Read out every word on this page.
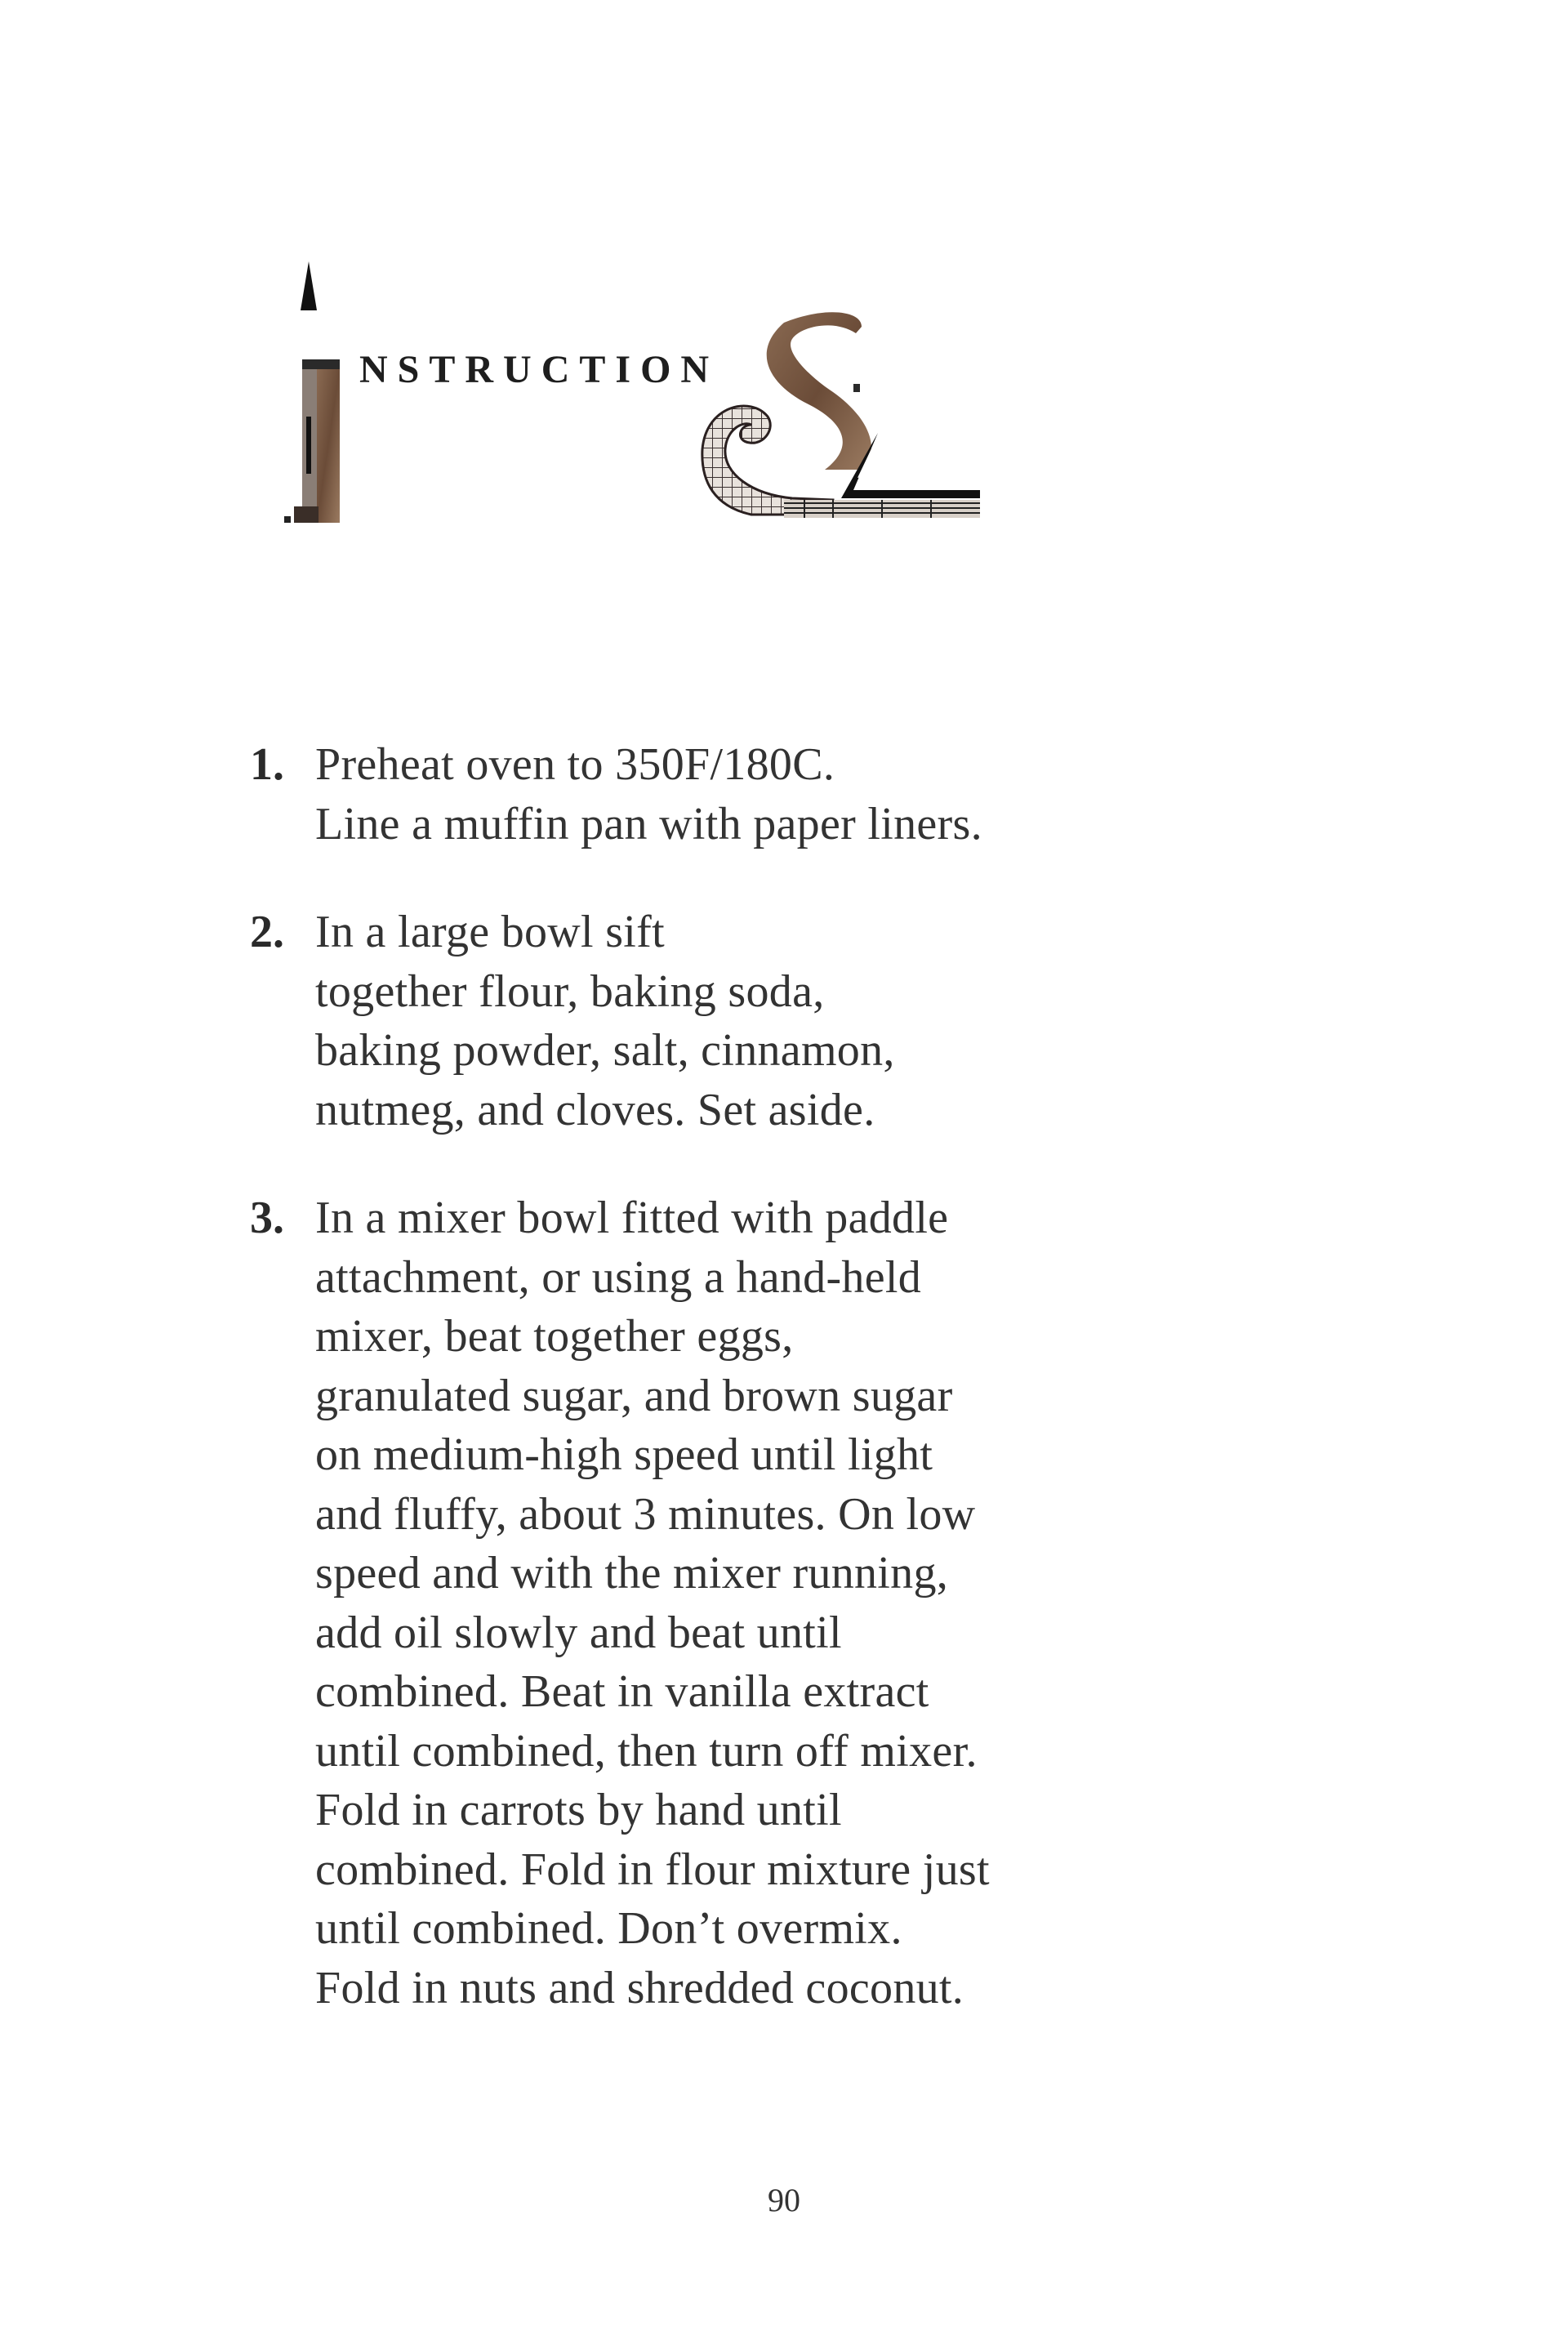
NSTRUCTION
1. Preheat oven to 350F/180C.
Line a muffin pan with paper liners.
2. In a large bowl sift
together flour, baking soda,
baking powder, salt, cinnamon,
nutmeg, and cloves. Set aside.
3. In a mixer bowl fitted with paddle
attachment, or using a hand-held
mixer, beat together eggs,
granulated sugar, and brown sugar
on medium-high speed until light
and fluffy, about 3 minutes. On low
speed and with the mixer running,
add oil slowly and beat until
combined. Beat in vanilla extract
until combined, then turn off mixer.
Fold in carrots by hand until
combined. Fold in flour mixture just
until combined. Don’t overmix.
Fold in nuts and shredded coconut.
90
